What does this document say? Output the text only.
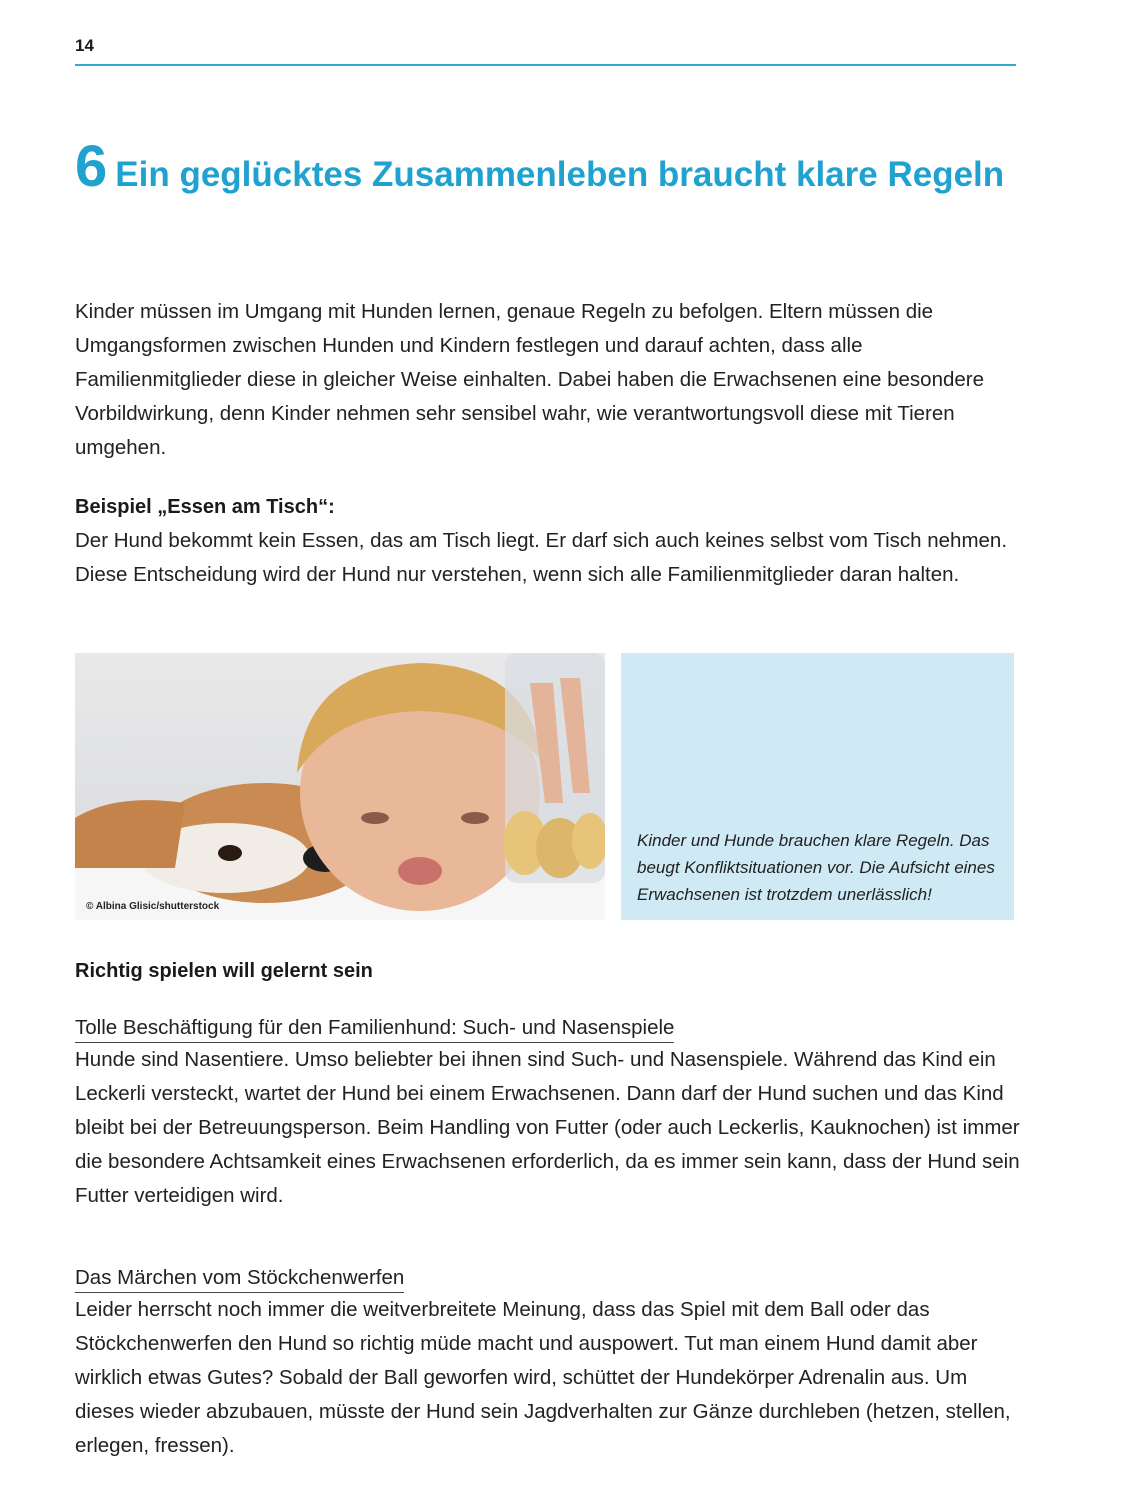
14
6 Ein geglücktes Zusammenleben braucht klare Regeln

Kinder müssen im Umgang mit Hunden lernen, genaue Regeln zu befolgen. Eltern müssen die Umgangsformen zwischen Hunden und Kindern festlegen und darauf achten, dass alle Familienmitglieder diese in gleicher Weise einhalten. Dabei haben die Erwachsenen eine besondere Vorbildwirkung, denn Kinder nehmen sehr sensibel wahr, wie verantwortungsvoll diese mit Tieren umgehen.

Beispiel „Essen am Tisch“:

Der Hund bekommt kein Essen, das am Tisch liegt. Er darf sich auch keines selbst vom Tisch nehmen. Diese Entscheidung wird der Hund nur verstehen, wenn sich alle Familienmitglieder daran halten.

© Albina Glisic/shutterstock

Kinder und Hunde brauchen klare Regeln. Das beugt Konfliktsituationen vor. Die Aufsicht eines Erwachsenen ist trotzdem unerlässlich!

Richtig spielen will gelernt sein

Tolle Beschäftigung für den Familienhund: Such- und Nasenspiele

Hunde sind Nasentiere. Umso beliebter bei ihnen sind Such- und Nasenspiele. Während das Kind ein Leckerli versteckt, wartet der Hund bei einem Erwachsenen. Dann darf der Hund suchen und das Kind bleibt bei der Betreuungsperson. Beim Handling von Futter (oder auch Leckerlis, Kauknochen) ist immer die besondere Achtsamkeit eines Erwachsenen erforderlich, da es immer sein kann, dass der Hund sein Futter verteidigen wird.

Das Märchen vom Stöckchenwerfen

Leider herrscht noch immer die weitverbreitete Meinung, dass das Spiel mit dem Ball oder das Stöckchenwerfen den Hund so richtig müde macht und auspowert. Tut man einem Hund damit aber wirklich etwas Gutes? Sobald der Ball geworfen wird, schüttet der Hundekörper Adrenalin aus. Um dieses wieder abzubauen, müsste der Hund sein Jagdverhalten zur Gänze durchleben (hetzen, stellen, erlegen, fressen).
